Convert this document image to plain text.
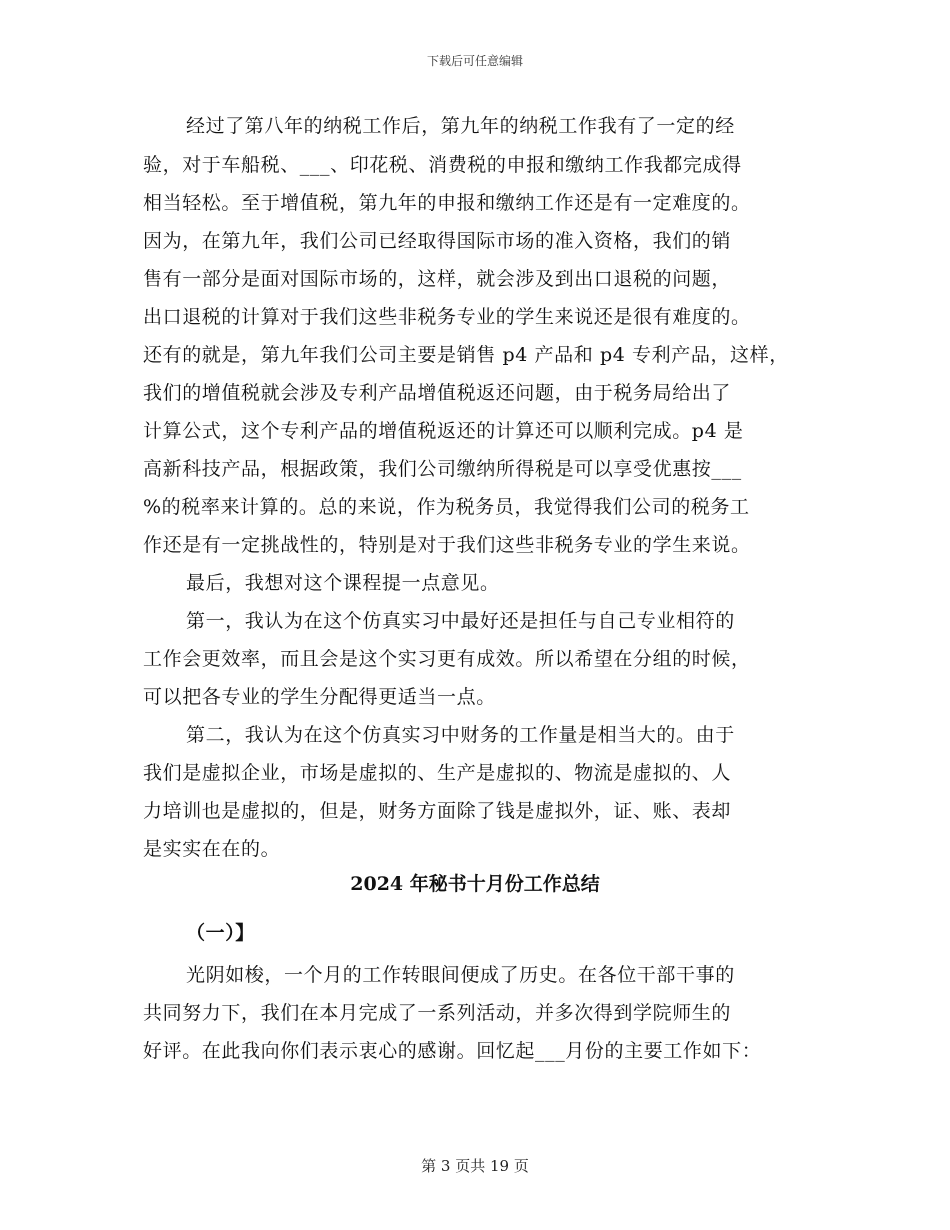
下载后可任意编辑
经过了第八年的纳税工作后，第九年的纳税工作我有了一定的经
验，对于车船税、___、印花税、消费税的申报和缴纳工作我都完成得
相当轻松。至于增值税，第九年的申报和缴纳工作还是有一定难度的。
因为，在第九年，我们公司已经取得国际市场的准入资格，我们的销
售有一部分是面对国际市场的，这样，就会涉及到出口退税的问题，
出口退税的计算对于我们这些非税务专业的学生来说还是很有难度的。
还有的就是，第九年我们公司主要是销售 p4 产品和 p4 专利产品，这样，
我们的增值税就会涉及专利产品增值税返还问题，由于税务局给出了
计算公式，这个专利产品的增值税返还的计算还可以顺利完成。p4 是
高新科技产品，根据政策，我们公司缴纳所得税是可以享受优惠按___
%的税率来计算的。总的来说，作为税务员，我觉得我们公司的税务工
作还是有一定挑战性的，特别是对于我们这些非税务专业的学生来说。
最后，我想对这个课程提一点意见。
第一，我认为在这个仿真实习中最好还是担任与自己专业相符的
工作会更效率，而且会是这个实习更有成效。所以希望在分组的时候，
可以把各专业的学生分配得更适当一点。
第二，我认为在这个仿真实习中财务的工作量是相当大的。由于
我们是虚拟企业，市场是虚拟的、生产是虚拟的、物流是虚拟的、人
力培训也是虚拟的，但是，财务方面除了钱是虚拟外，证、账、表却
是实实在在的。
2024 年秘书十月份工作总结
（一）】
光阴如梭，一个月的工作转眼间便成了历史。在各位干部干事的
共同努力下，我们在本月完成了一系列活动，并多次得到学院师生的
好评。在此我向你们表示衷心的感谢。回忆起___月份的主要工作如下：
第 3 页共 19 页
